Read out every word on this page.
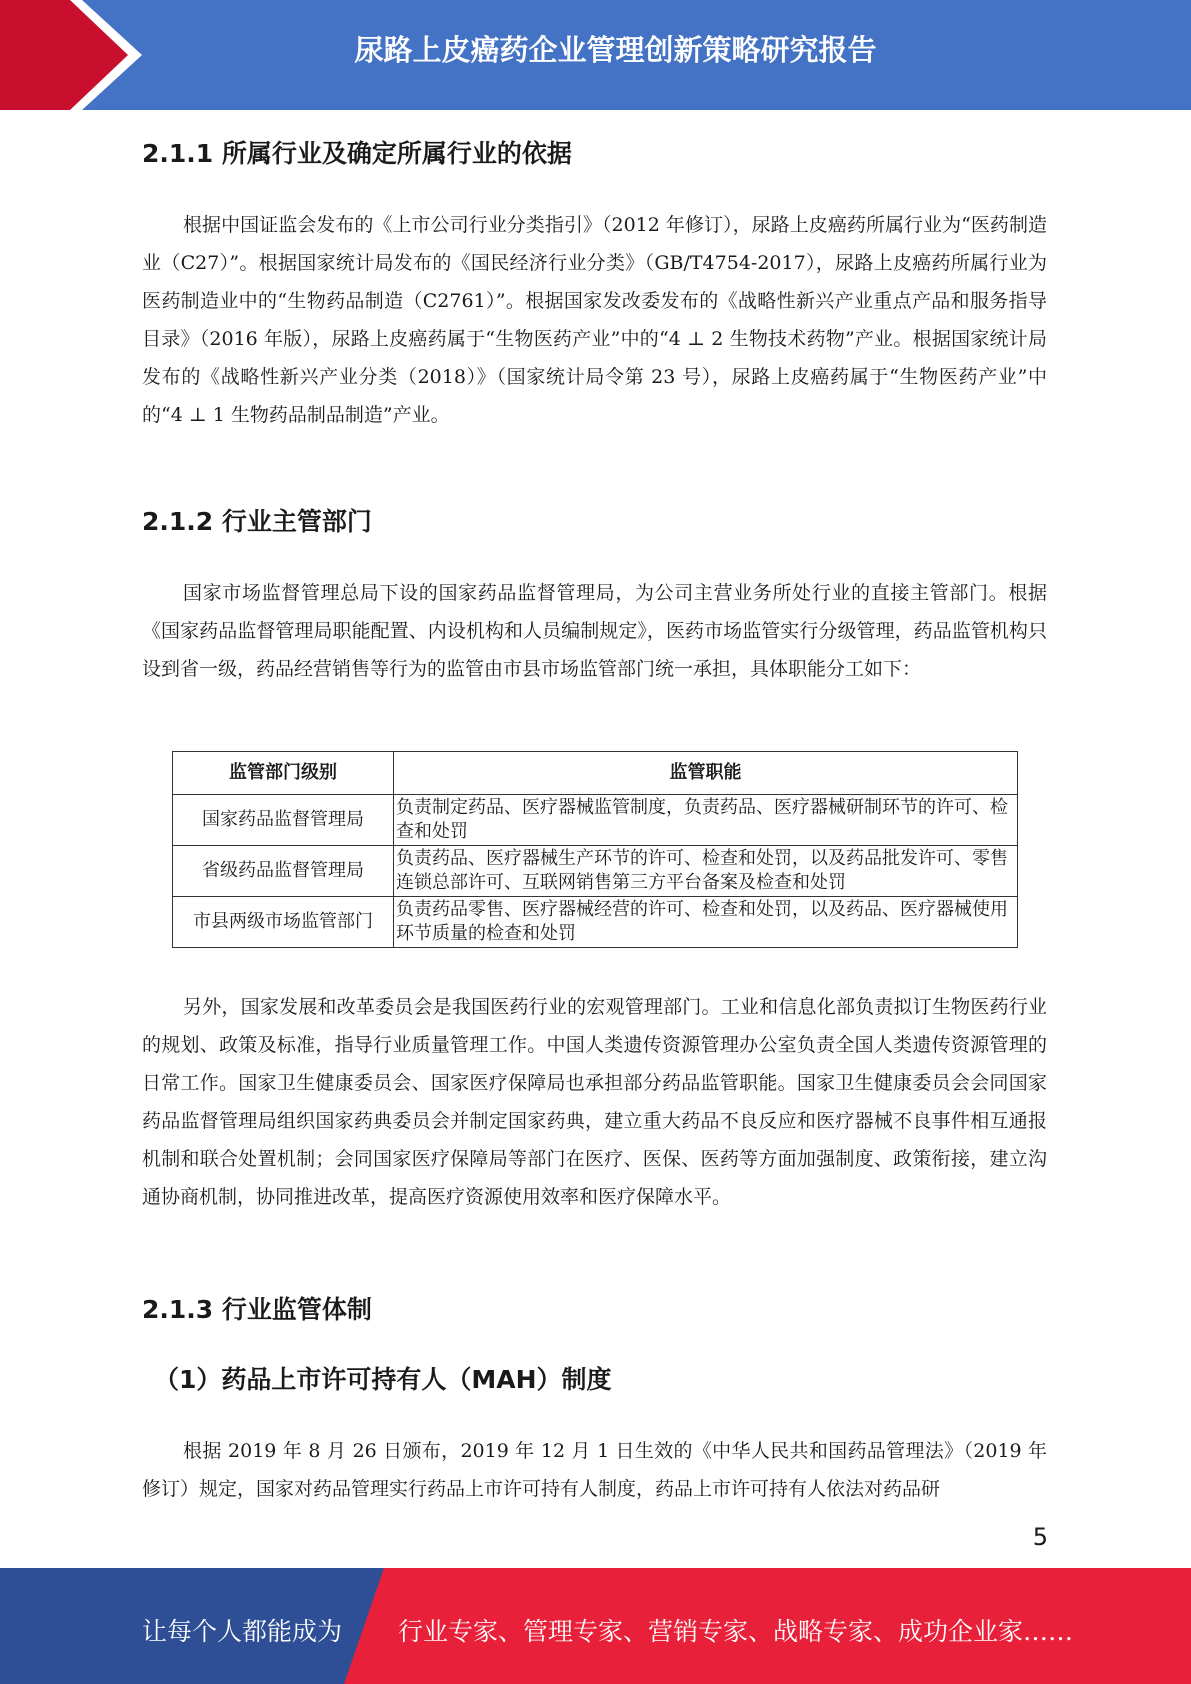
尿路上皮癌药企业管理创新策略研究报告
2.1.1 所属行业及确定所属行业的依据

根据中国证监会发布的《上市公司行业分类指引》（2012 年修订），尿路上皮癌药所属行业为“医药制造业（C27）”。根据国家统计局发布的《国民经济行业分类》（GB/T4754-2017），尿路上皮癌药所属行业为医药制造业中的“生物药品制造（C2761）”。根据国家发改委发布的《战略性新兴产业重点产品和服务指导目录》（2016 年版），尿路上皮癌药属于“生物医药产业”中的“4 ⊥ 2 生物技术药物”产业。根据国家统计局发布的《战略性新兴产业分类（2018）》（国家统计局令第 23 号），尿路上皮癌药属于“生物医药产业”中的“4 ⊥ 1 生物药品制品制造”产业。

2.1.2 行业主管部门

国家市场监督管理总局下设的国家药品监督管理局，为公司主营业务所处行业的直接主管部门。根据《国家药品监督管理局职能配置、内设机构和人员编制规定》，医药市场监管实行分级管理，药品监管机构只设到省一级，药品经营销售等行为的监管由市县市场监管部门统一承担，具体职能分工如下：

监管部门级别	监管职能
国家药品监督管理局	负责制定药品、医疗器械监管制度，负责药品、医疗器械研制环节的许可、检查和处罚
省级药品监督管理局	负责药品、医疗器械生产环节的许可、检查和处罚，以及药品批发许可、零售连锁总部许可、互联网销售第三方平台备案及检查和处罚
市县两级市场监管部门	负责药品零售、医疗器械经营的许可、检查和处罚，以及药品、医疗器械使用环节质量的检查和处罚

另外，国家发展和改革委员会是我国医药行业的宏观管理部门。工业和信息化部负责拟订生物医药行业的规划、政策及标准，指导行业质量管理工作。中国人类遗传资源管理办公室负责全国人类遗传资源管理的日常工作。国家卫生健康委员会、国家医疗保障局也承担部分药品监管职能。国家卫生健康委员会会同国家药品监督管理局组织国家药典委员会并制定国家药典，建立重大药品不良反应和医疗器械不良事件相互通报机制和联合处置机制；会同国家医疗保障局等部门在医疗、医保、医药等方面加强制度、政策衔接，建立沟通协商机制，协同推进改革，提高医疗资源使用效率和医疗保障水平。

2.1.3 行业监管体制
（1）药品上市许可持有人（MAH）制度

根据 2019 年 8 月 26 日颁布，2019 年 12 月 1 日生效的《中华人民共和国药品管理法》（2019 年修订）规定，国家对药品管理实行药品上市许可持有人制度，药品上市许可持有人依法对药品研

5
让每个人都能成为 行业专家、管理专家、营销专家、战略专家、成功企业家……
